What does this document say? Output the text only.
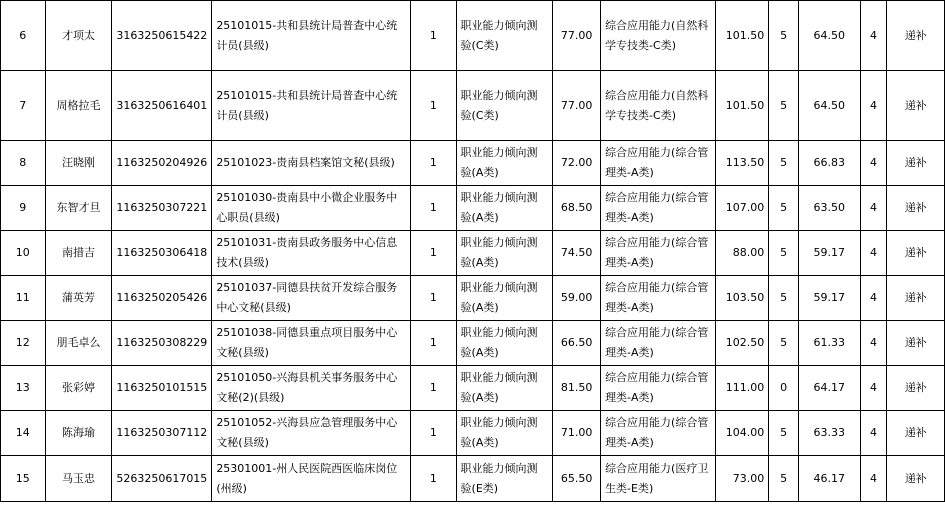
6	才项太	3163250615422	25101015-共和县统计局普查中心统计员(县级)	1	职业能力倾向测验(C类)	77.00	综合应用能力(自然科学专技类-C类)	101.50	5	64.50	4	递补
7	周格拉毛	3163250616401	25101015-共和县统计局普查中心统计员(县级)	1	职业能力倾向测验(C类)	77.00	综合应用能力(自然科学专技类-C类)	101.50	5	64.50	4	递补
8	汪晓刚	1163250204926	25101023-贵南县档案馆文秘(县级)	1	职业能力倾向测验(A类)	72.00	综合应用能力(综合管理类-A类)	113.50	5	66.83	4	递补
9	东智才旦	1163250307221	25101030-贵南县中小微企业服务中心职员(县级)	1	职业能力倾向测验(A类)	68.50	综合应用能力(综合管理类-A类)	107.00	5	63.50	4	递补
10	南措吉	1163250306418	25101031-贵南县政务服务中心信息技术(县级)	1	职业能力倾向测验(A类)	74.50	综合应用能力(综合管理类-A类)	88.00	5	59.17	4	递补
11	蒲英芳	1163250205426	25101037-同德县扶贫开发综合服务中心文秘(县级)	1	职业能力倾向测验(A类)	59.00	综合应用能力(综合管理类-A类)	103.50	5	59.17	4	递补
12	朋毛卓么	1163250308229	25101038-同德县重点项目服务中心文秘(县级)	1	职业能力倾向测验(A类)	66.50	综合应用能力(综合管理类-A类)	102.50	5	61.33	4	递补
13	张彩婷	1163250101515	25101050-兴海县机关事务服务中心文秘(2)(县级)	1	职业能力倾向测验(A类)	81.50	综合应用能力(综合管理类-A类)	111.00	0	64.17	4	递补
14	陈海瑜	1163250307112	25101052-兴海县应急管理服务中心文秘(县级)	1	职业能力倾向测验(A类)	71.00	综合应用能力(综合管理类-A类)	104.00	5	63.33	4	递补
15	马玉忠	5263250617015	25301001-州人民医院西医临床岗位(州级)	1	职业能力倾向测验(E类)	65.50	综合应用能力(医疗卫生类-E类)	73.00	5	46.17	4	递补
